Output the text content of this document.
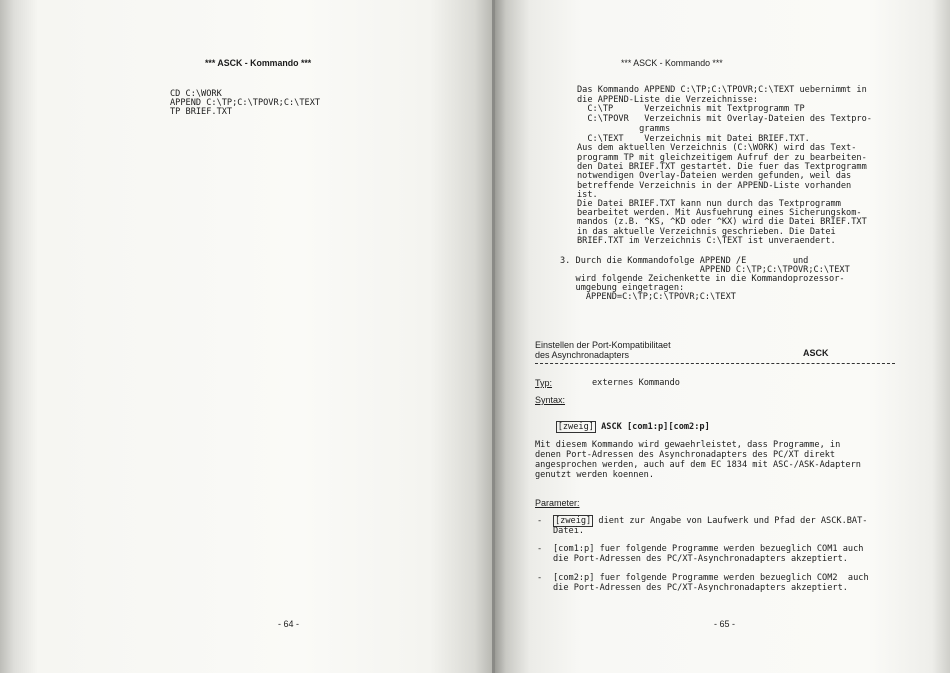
*** ASCK - Kommando ***
CD C:\WORK
APPEND C:\TP;C:\TPOVR;C:\TEXT
TP BRIEF.TXT
- 64 -
*** ASCK - Kommando ***
Das Kommando APPEND C:\TP;C:\TPOVR;C:\TEXT uebernimmt in
die APPEND-Liste die Verzeichnisse:
C:\TP      Verzeichnis mit Textprogramm TP
C:\TPOVR   Verzeichnis mit Overlay-Dateien des Textpro-
gramms
C:\TEXT    Verzeichnis mit Datei BRIEF.TXT.
Aus dem aktuellen Verzeichnis (C:\WORK) wird das Text-
programm TP mit gleichzeitigem Aufruf der zu bearbeiten-
den Datei BRIEF.TXT gestartet. Die fuer das Textprogramm
notwendigen Overlay-Dateien werden gefunden, weil das
betreffende Verzeichnis in der APPEND-Liste vorhanden
ist.
Die Datei BRIEF.TXT kann nun durch das Textprogramm
bearbeitet werden. Mit Ausfuehrung eines Sicherungskom-
mandos (z.B. ^KS, ^KD oder ^KX) wird die Datei BRIEF.TXT
in das aktuelle Verzeichnis geschrieben. Die Datei
BRIEF.TXT im Verzeichnis C:\TEXT ist unveraendert.
3. Durch die Kommandofolge APPEND /E         und
APPEND C:\TP;C:\TPOVR;C:\TEXT
wird folgende Zeichenkette in die Kommandoprozessor-
umgebung eingetragen:
APPEND=C:\TP;C:\TPOVR;C:\TEXT
Einstellen der Port-Kompatibilitaet
des Asynchronadapters	ASCK
Typ:	externes Kommando
Syntax:

[zweig] ASCK [com1:p][com2:p]

Mit diesem Kommando wird gewaehrleistet, dass Programme, in
denen Port-Adressen des Asynchronadapters des PC/XT direkt
angesprochen werden, auch auf dem EC 1834 mit ASC-/ASK-Adaptern
genutzt werden koennen.
Parameter:
- [zweig] dient zur Angabe von Laufwerk und Pfad der ASCK.BAT-
Datei.
- [com1:p] fuer folgende Programme werden bezueglich COM1 auch
die Port-Adressen des PC/XT-Asynchronadapters akzeptiert.
- [com2:p] fuer folgende Programme werden bezueglich COM2  auch
die Port-Adressen des PC/XT-Asynchronadapters akzeptiert.
- 65 -
